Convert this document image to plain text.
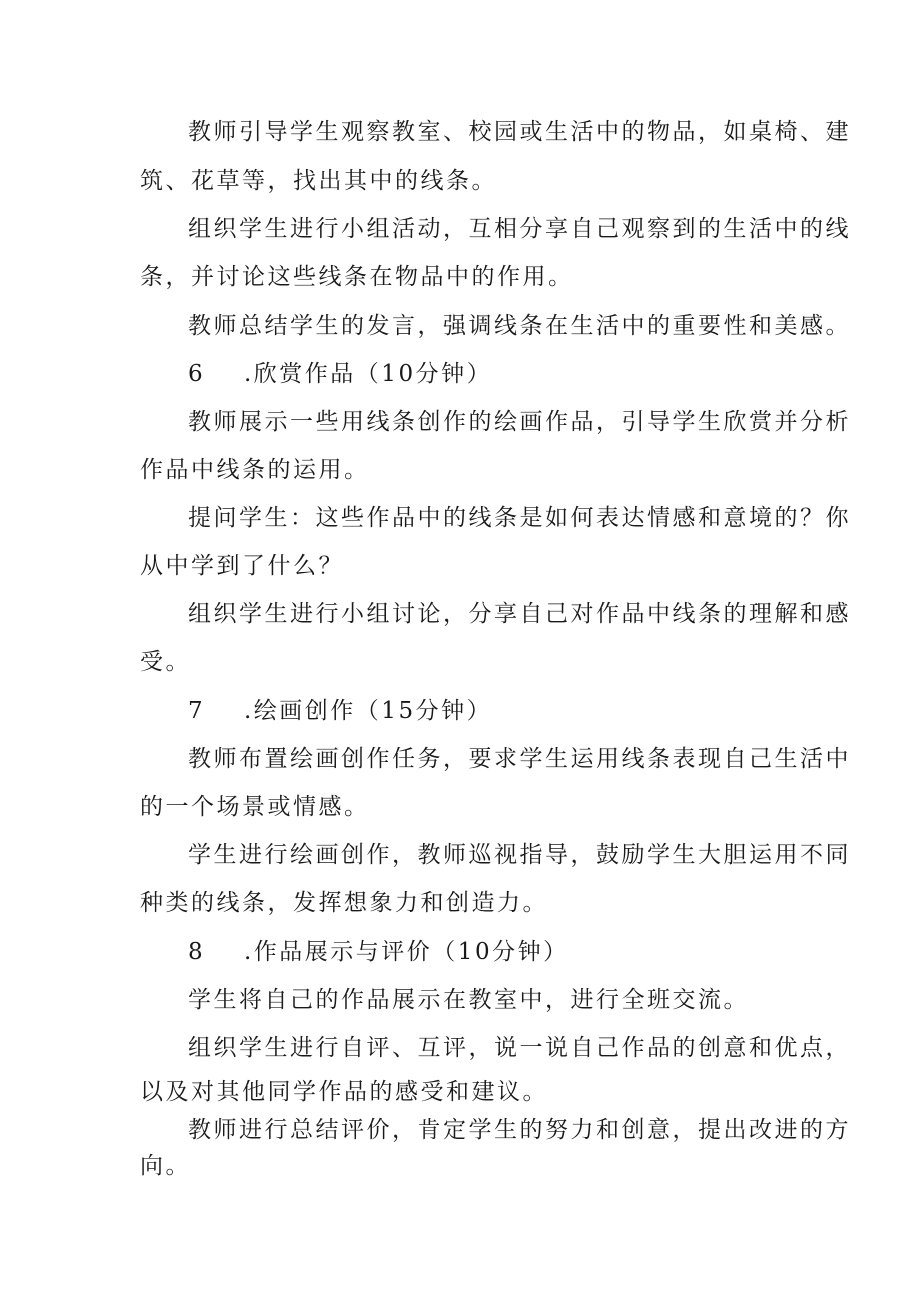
教师引导学生观察教室、校园或生活中的物品，如桌椅、建
筑、花草等，找出其中的线条。
组织学生进行小组活动，互相分享自己观察到的生活中的线
条，并讨论这些线条在物品中的作用。
教师总结学生的发言，强调线条在生活中的重要性和美感。
6 .欣赏作品（10分钟）
教师展示一些用线条创作的绘画作品，引导学生欣赏并分析
作品中线条的运用。
提问学生：这些作品中的线条是如何表达情感和意境的？你
从中学到了什么？
组织学生进行小组讨论，分享自己对作品中线条的理解和感
受。
7 .绘画创作（15分钟）
教师布置绘画创作任务，要求学生运用线条表现自己生活中
的一个场景或情感。
学生进行绘画创作，教师巡视指导，鼓励学生大胆运用不同
种类的线条，发挥想象力和创造力。
8 .作品展示与评价（10分钟）
学生将自己的作品展示在教室中，进行全班交流。
组织学生进行自评、互评，说一说自己作品的创意和优点，
以及对其他同学作品的感受和建议。
教师进行总结评价，肯定学生的努力和创意，提出改进的方
向。
